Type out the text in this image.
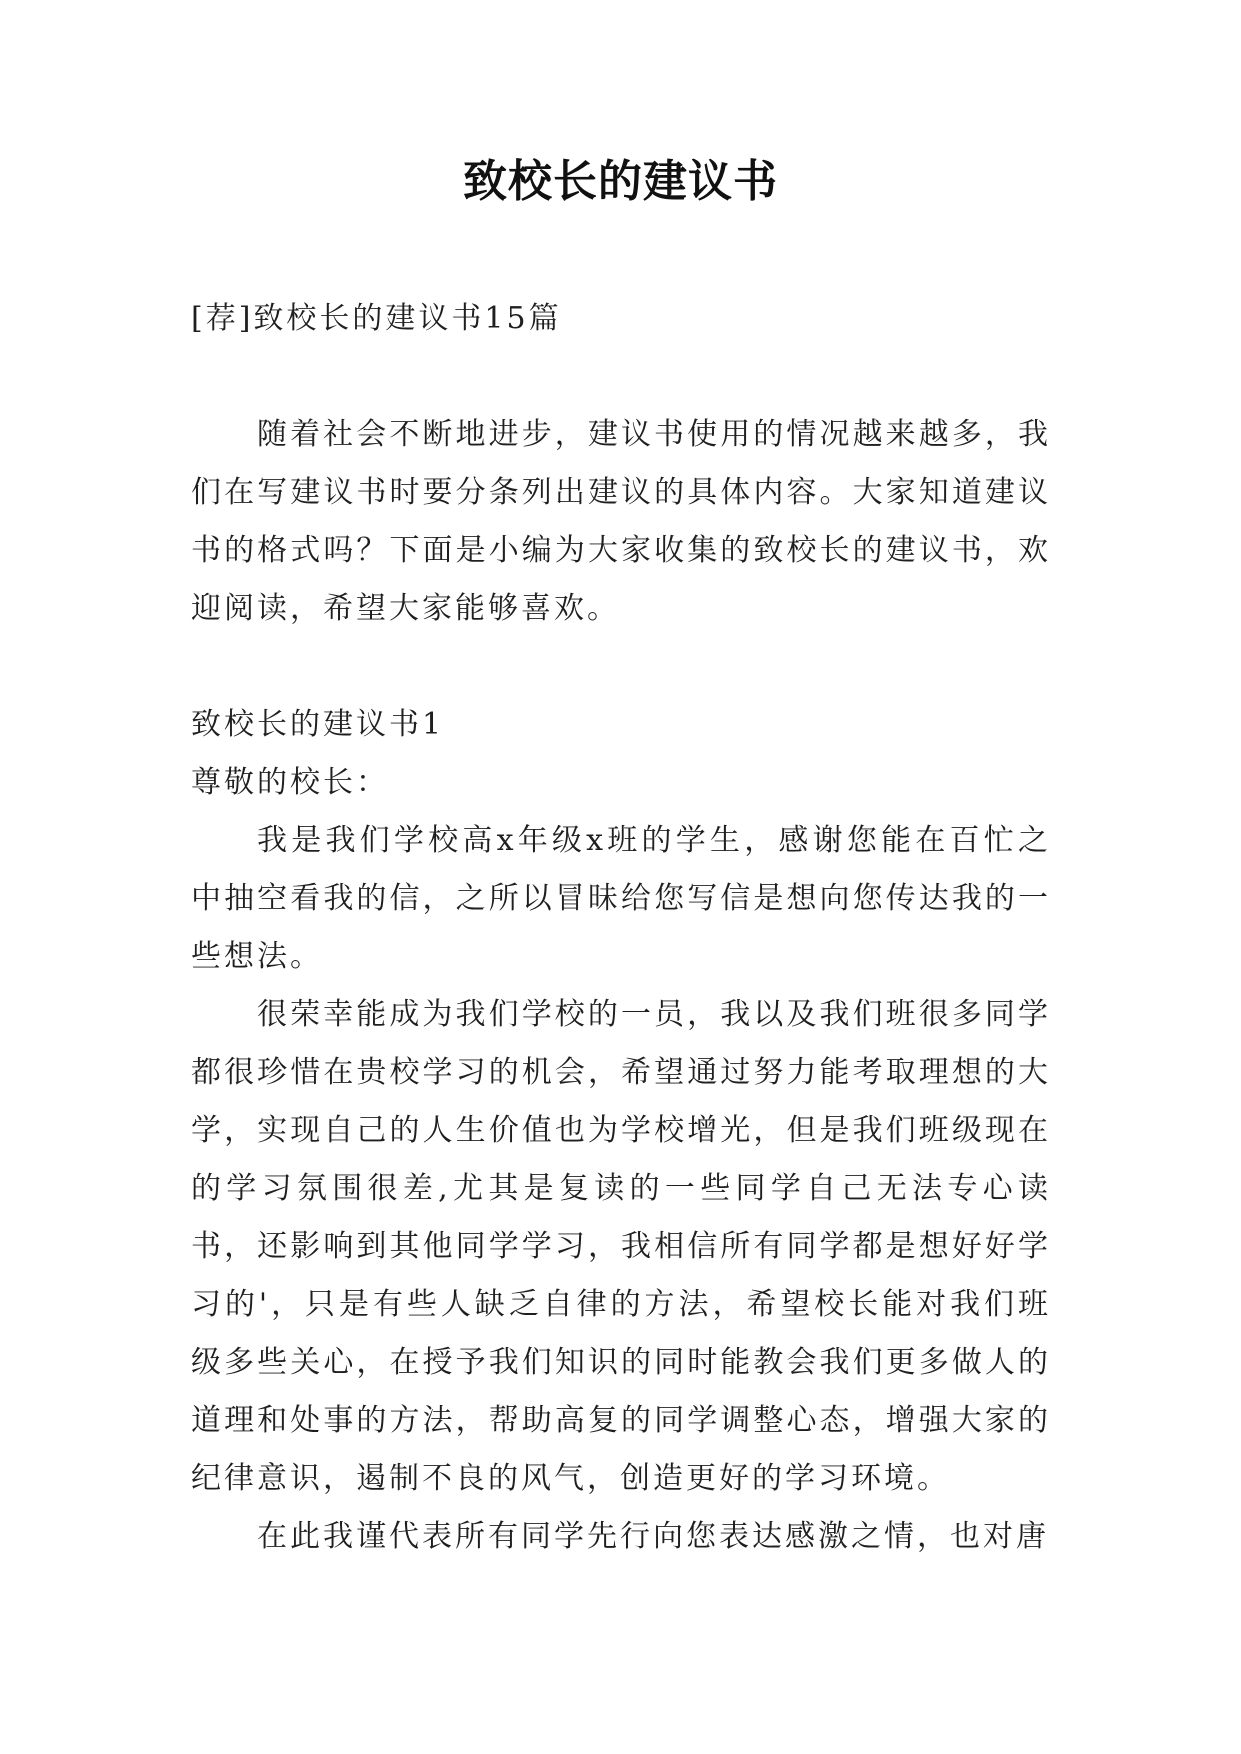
致校长的建议书

[荐]致校长的建议书15篇

随着社会不断地进步，建议书使用的情况越来越多，我们在写建议书时要分条列出建议的具体内容。大家知道建议书的格式吗？下面是小编为大家收集的致校长的建议书，欢迎阅读，希望大家能够喜欢。

致校长的建议书1

尊敬的校长：

我是我们学校高x年级x班的学生，感谢您能在百忙之中抽空看我的信，之所以冒昧给您写信是想向您传达我的一些想法。

很荣幸能成为我们学校的一员，我以及我们班很多同学都很珍惜在贵校学习的机会，希望通过努力能考取理想的大学，实现自己的人生价值也为学校增光，但是我们班级现在的学习氛围很差,尤其是复读的一些同学自己无法专心读书，还影响到其他同学学习，我相信所有同学都是想好好学习的'，只是有些人缺乏自律的方法，希望校长能对我们班级多些关心，在授予我们知识的同时能教会我们更多做人的道理和处事的方法，帮助高复的同学调整心态，增强大家的纪律意识，遏制不良的风气，创造更好的学习环境。

在此我谨代表所有同学先行向您表达感激之情，也对唐
